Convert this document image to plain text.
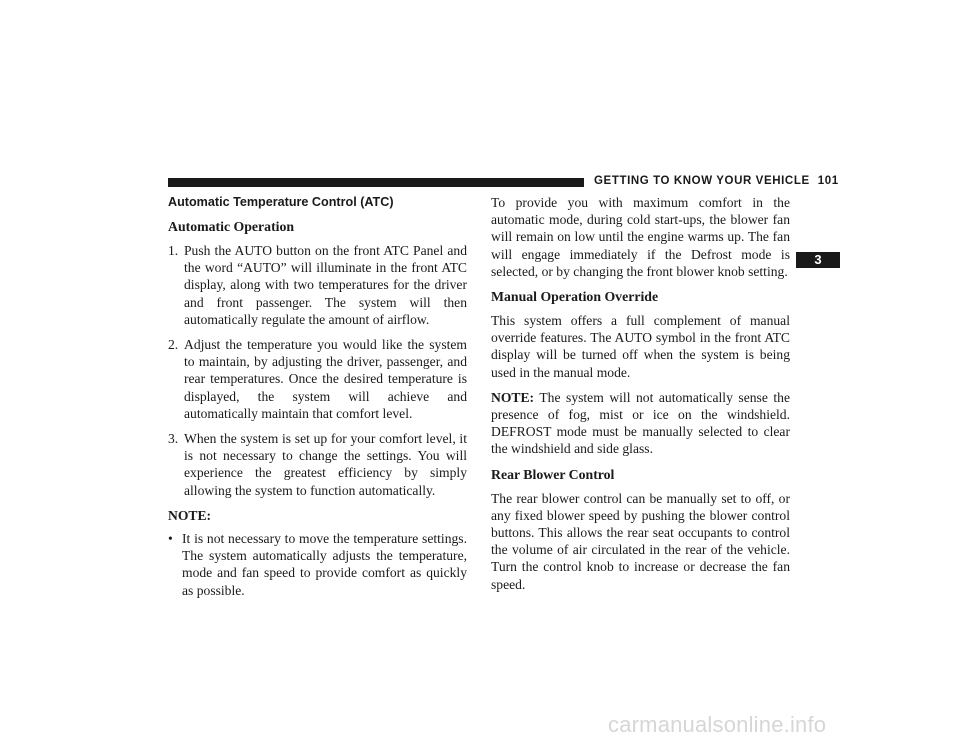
GETTING TO KNOW YOUR VEHICLE 101
3
Automatic Temperature Control (ATC)
Automatic Operation
1. Push the AUTO button on the front ATC Panel and the word “AUTO” will illuminate in the front ATC display, along with two temperatures for the driver and front passenger. The system will then automatically regulate the amount of airflow.
2. Adjust the temperature you would like the system to maintain, by adjusting the driver, passenger, and rear temperatures. Once the desired temperature is displayed, the system will achieve and automatically maintain that comfort level.
3. When the system is set up for your comfort level, it is not necessary to change the settings. You will experience the greatest efficiency by simply allowing the system to function automatically.
NOTE:
• It is not necessary to move the temperature settings. The system automatically adjusts the temperature, mode and fan speed to provide comfort as quickly as possible.

To provide you with maximum comfort in the automatic mode, during cold start-ups, the blower fan will remain on low until the engine warms up. The fan will engage immediately if the Defrost mode is selected, or by changing the front blower knob setting.

Manual Operation Override

This system offers a full complement of manual override features. The AUTO symbol in the front ATC display will be turned off when the system is being used in the manual mode.

NOTE: The system will not automatically sense the presence of fog, mist or ice on the windshield. DEFROST mode must be manually selected to clear the windshield and side glass.

Rear Blower Control

The rear blower control can be manually set to off, or any fixed blower speed by pushing the blower control buttons. This allows the rear seat occupants to control the volume of air circulated in the rear of the vehicle. Turn the control knob to increase or decrease the fan speed.

carmanualsonline.info
